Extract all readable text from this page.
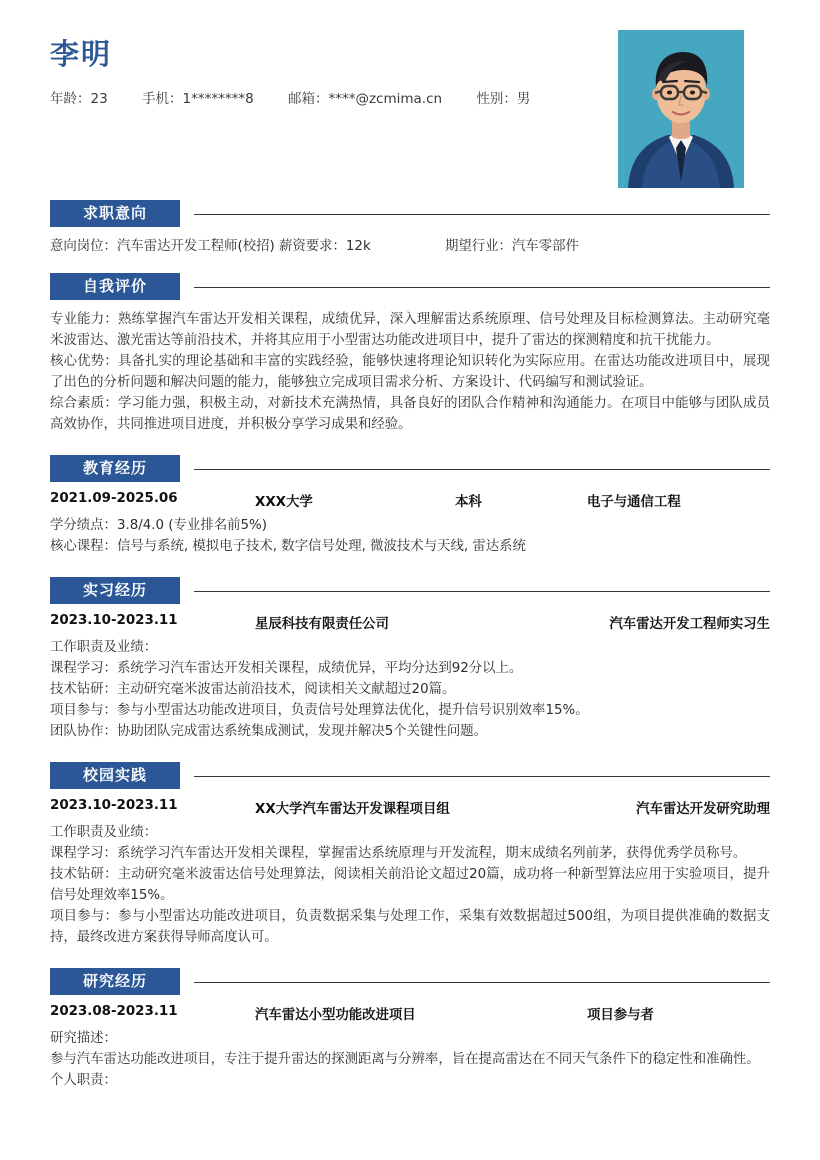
李明
年龄：23	手机：1********8	邮箱：****@zcmima.cn	性别：男
求职意向
意向岗位：汽车雷达开发工程师(校招) 薪资要求：12k	期望行业：汽车零部件
自我评价

专业能力：熟练掌握汽车雷达开发相关课程，成绩优异，深入理解雷达系统原理、信号处理及目标检测算法。主动研究毫米波雷达、激光雷达等前沿技术，并将其应用于小型雷达功能改进项目中，提升了雷达的探测精度和抗干扰能力。

核心优势：具备扎实的理论基础和丰富的实践经验，能够快速将理论知识转化为实际应用。在雷达功能改进项目中，展现了出色的分析问题和解决问题的能力，能够独立完成项目需求分析、方案设计、代码编写和测试验证。

综合素质：学习能力强，积极主动，对新技术充满热情，具备良好的团队合作精神和沟通能力。在项目中能够与团队成员高效协作，共同推进项目进度，并积极分享学习成果和经验。

教育经历
2021.09-2025.06	XXX大学	本科	电子与通信工程

学分绩点：3.8/4.0 (专业排名前5%)

核心课程：信号与系统, 模拟电子技术, 数字信号处理, 微波技术与天线, 雷达系统

实习经历
2023.10-2023.11	星辰科技有限责任公司	汽车雷达开发工程师实习生

工作职责及业绩：

课程学习：系统学习汽车雷达开发相关课程，成绩优异，平均分达到92分以上。

技术钻研：主动研究毫米波雷达前沿技术，阅读相关文献超过20篇。

项目参与：参与小型雷达功能改进项目，负责信号处理算法优化，提升信号识别效率15%。

团队协作：协助团队完成雷达系统集成测试，发现并解决5个关键性问题。

校园实践
2023.10-2023.11	XX大学汽车雷达开发课程项目组	汽车雷达开发研究助理

工作职责及业绩：

课程学习：系统学习汽车雷达开发相关课程，掌握雷达系统原理与开发流程，期末成绩名列前茅，获得优秀学员称号。

技术钻研：主动研究毫米波雷达信号处理算法，阅读相关前沿论文超过20篇，成功将一种新型算法应用于实验项目，提升信号处理效率15%。

项目参与：参与小型雷达功能改进项目，负责数据采集与处理工作，采集有效数据超过500组，为项目提供准确的数据支持，最终改进方案获得导师高度认可。

研究经历
2023.08-2023.11	汽车雷达小型功能改进项目	项目参与者

研究描述：

参与汽车雷达功能改进项目，专注于提升雷达的探测距离与分辨率，旨在提高雷达在不同天气条件下的稳定性和准确性。

个人职责：
